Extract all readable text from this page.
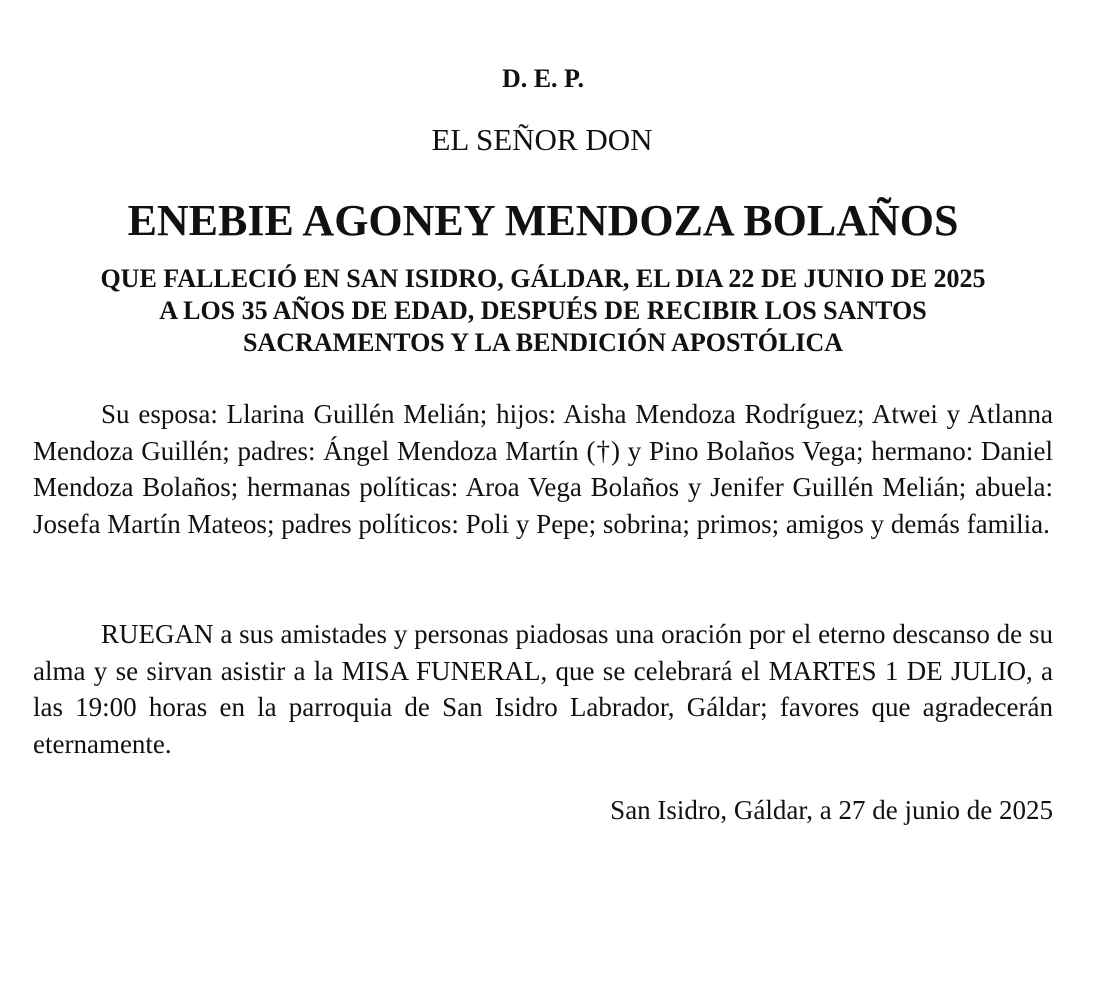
D. E. P.
EL SEÑOR DON
ENEBIE AGONEY MENDOZA BOLAÑOS
QUE FALLECIÓ EN SAN ISIDRO, GÁLDAR, EL DIA 22 DE JUNIO DE 2025
A LOS 35 AÑOS DE EDAD, DESPUÉS DE RECIBIR LOS SANTOS
SACRAMENTOS Y LA BENDICIÓN APOSTÓLICA

Su esposa: Llarina Guillén Melián; hijos: Aisha Mendoza Rodríguez; Atwei y Atlanna Mendoza Guillén; padres: Ángel Mendoza Martín (†) y Pino Bolaños Vega; hermano: Daniel Mendoza Bolaños; hermanas políticas: Aroa Vega Bolaños y Jenifer Guillén Melián; abuela: Josefa Martín Mateos; padres políticos: Poli y Pepe; sobrina; primos; amigos y demás familia.

RUEGAN a sus amistades y personas piadosas una oración por el eterno descanso de su alma y se sirvan asistir a la MISA FUNERAL, que se celebrará el MARTES 1 DE JULIO, a las 19:00 horas en la parroquia de San Isidro Labrador, Gáldar; favores que agradecerán eternamente.

San Isidro, Gáldar, a 27 de junio de 2025
